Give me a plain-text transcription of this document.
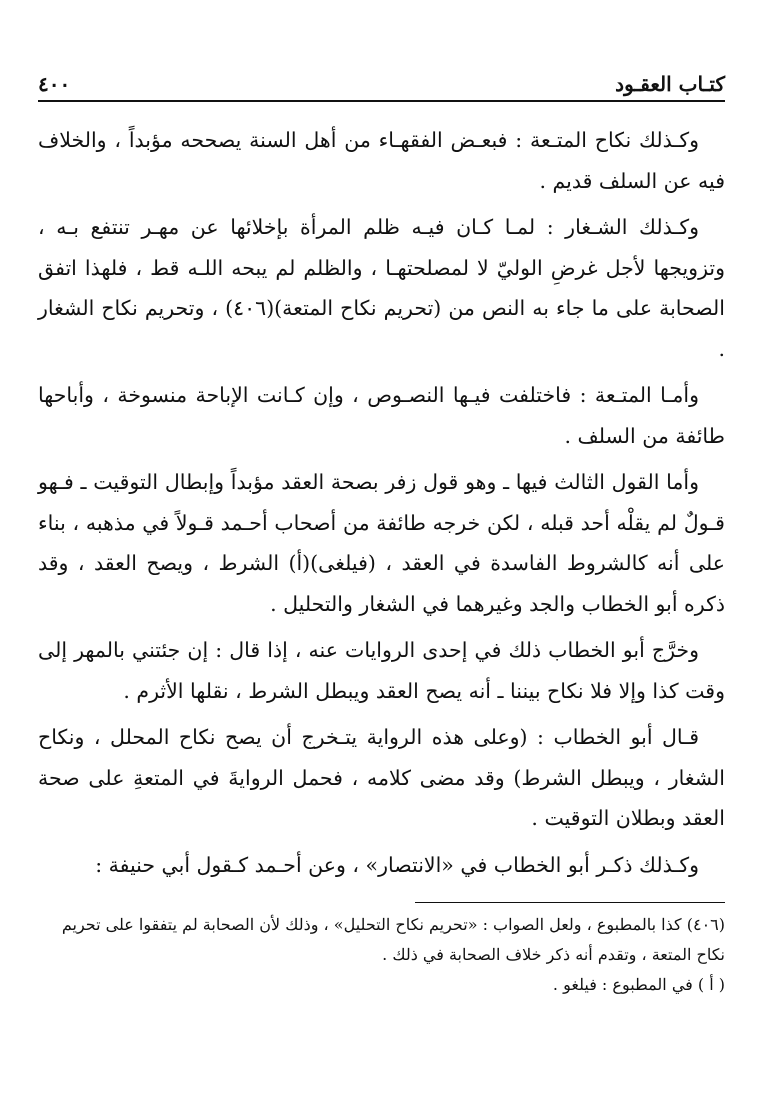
كتـاب العقـود
٤٠٠

وكـذلك نكاح المتـعة : فبعـض الفقهـاء من أهل السنة يصححه مؤبداً ، والخلاف فيه عن السلف قديم .

وكـذلك الشـغار : لمـا كـان فيـه ظلم المرأة بإخلائها عن مهـر تنتفع بـه ، وتزويجها لأجل غرضِ الوليّ لا لمصلحتهـا ، والظلم لم يبحه اللـه قط ، فلهذا اتفق الصحابة على ما جاء به النص من (تحريم نكاح المتعة)(٤٠٦) ، وتحريم نكاح الشغار .

وأمـا المتـعة : فاختلفت فيـها النصـوص ، وإن كـانت الإباحة منسوخة ، وأباحها طائفة من السلف .

وأما القول الثالث فيها ـ وهو قول زفر بصحة العقد مؤبداً وإبطال التوقيت ـ فـهو قـولٌ لم يقلْه أحد قبله ، لكن خرجه طائفة من أصحاب أحـمد قـولاً في مذهبه ، بناء على أنه كالشروط الفاسدة في العقد ، (فيلغى)(أ) الشرط ، ويصح العقد ، وقد ذكره أبو الخطاب والجد وغيرهما في الشغار والتحليل .

وخرَّج أبو الخطاب ذلك في إحدى الروايات عنه ، إذا قال : إن جئتني بالمهر إلى وقت كذا وإلا فلا نكاح بيننا ـ أنه يصح العقد ويبطل الشرط ، نقلها الأثرم .

قـال أبو الخطاب : (وعلى هذه الرواية يتـخرج أن يصح نكاح المحلل ، ونكاح الشغار ، ويبطل الشرط) وقد مضى كلامه ، فحمل الروايةَ في المتعةِ على صحة العقد وبطلان التوقيت .

وكـذلك ذكـر أبو الخطاب في «الانتصار» ، وعن أحـمد كـقول أبي حنيفة :

(٤٠٦) كذا بالمطبوع ، ولعل الصواب : «تحريم نكاح التحليل» ، وذلك لأن الصحابة لم يتفقوا على تحريم نكاح المتعة ، وتقدم أنه ذكر خلاف الصحابة في ذلك .

( أ ) في المطبوع : فيلغو .
